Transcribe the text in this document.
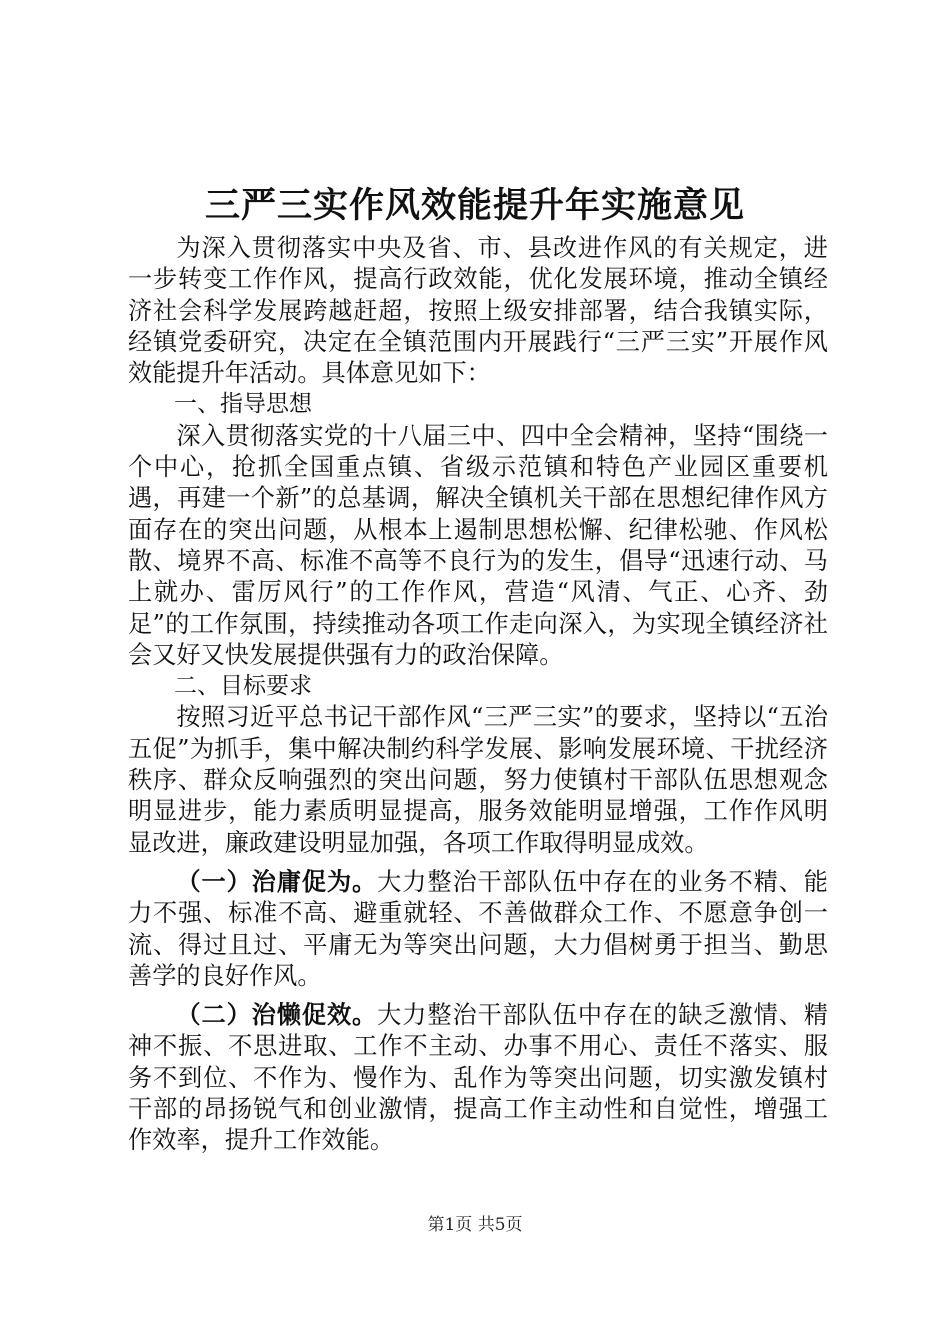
三严三实作风效能提升年实施意见

为深入贯彻落实中央及省、市、县改进作风的有关规定，进一步转变工作作风，提高行政效能，优化发展环境，推动全镇经济社会科学发展跨越赶超，按照上级安排部署，结合我镇实际，经镇党委研究，决定在全镇范围内开展践行“三严三实”开展作风效能提升年活动。具体意见如下：

一、指导思想

深入贯彻落实党的十八届三中、四中全会精神，坚持“围绕一个中心，抢抓全国重点镇、省级示范镇和特色产业园区重要机遇，再建一个新”的总基调，解决全镇机关干部在思想纪律作风方面存在的突出问题，从根本上遏制思想松懈、纪律松驰、作风松散、境界不高、标准不高等不良行为的发生，倡导“迅速行动、马上就办、雷厉风行”的工作作风，营造“风清、气正、心齐、劲足”的工作氛围，持续推动各项工作走向深入，为实现全镇经济社会又好又快发展提供强有力的政治保障。

二、目标要求

按照习近平总书记干部作风“三严三实”的要求，坚持以“五治五促”为抓手，集中解决制约科学发展、影响发展环境、干扰经济秩序、群众反响强烈的突出问题，努力使镇村干部队伍思想观念明显进步，能力素质明显提高，服务效能明显增强，工作作风明显改进，廉政建设明显加强，各项工作取得明显成效。

（一）治庸促为。大力整治干部队伍中存在的业务不精、能力不强、标准不高、避重就轻、不善做群众工作、不愿意争创一流、得过且过、平庸无为等突出问题，大力倡树勇于担当、勤思善学的良好作风。

（二）治懒促效。大力整治干部队伍中存在的缺乏激情、精神不振、不思进取、工作不主动、办事不用心、责任不落实、服务不到位、不作为、慢作为、乱作为等突出问题，切实激发镇村干部的昂扬锐气和创业激情，提高工作主动性和自觉性，增强工作效率，提升工作效能。

第1页 共5页
